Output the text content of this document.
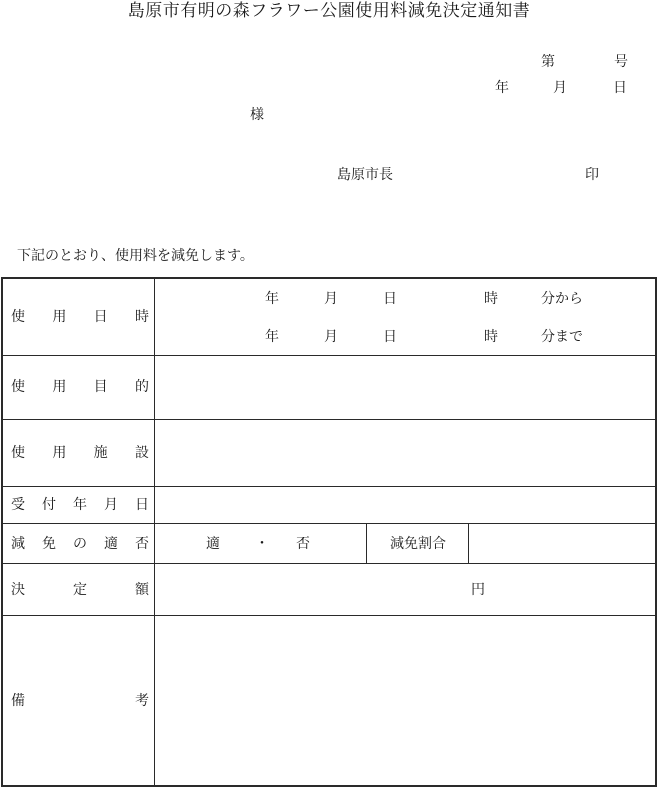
島原市有明の森フラワー公園使用料減免決定通知書
第	号
年	月	日
様
島原市長	印
下記のとおり、使用料を減免します。
使 用 日 時
年	月	日	時	分から
年	月	日	時	分まで
使 用 目 的
使 用 施 設
受 付 年 月 日
減 免 の 適 否	適	・ 否	減免割合
決	定	額	円
備	考
